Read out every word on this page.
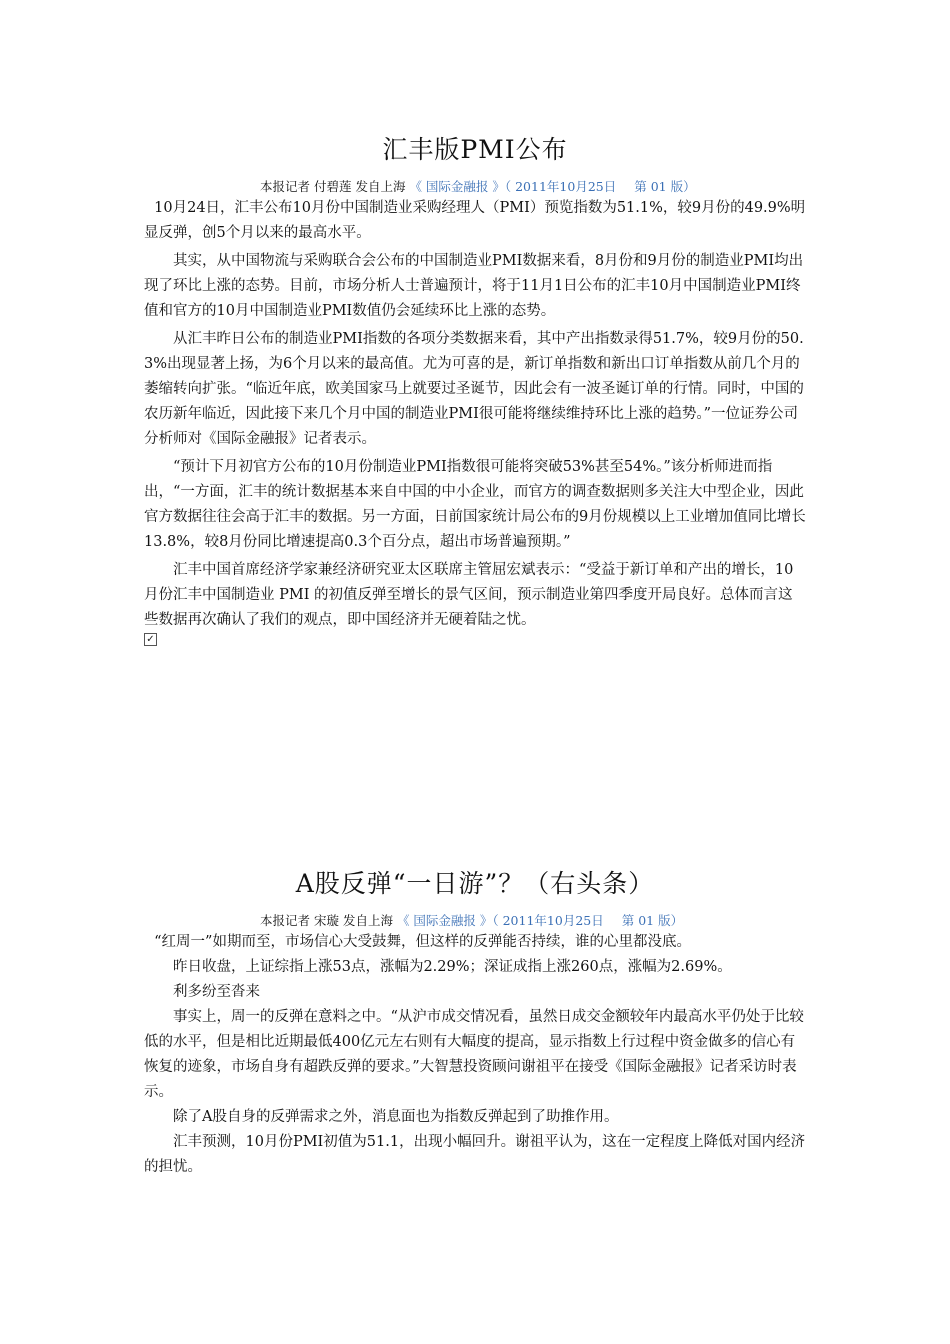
汇丰版PMI公布
本报记者 付碧莲 发自上海 《 国际金融报 》（ 2011年10月25日 第 01 版）

10月24日，汇丰公布10月份中国制造业采购经理人（PMI）预览指数为51.1%，较9月份的49.9%明显反弹，创5个月以来的最高水平。

其实，从中国物流与采购联合会公布的中国制造业PMI数据来看，8月份和9月份的制造业PMI均出现了环比上涨的态势。目前，市场分析人士普遍预计，将于11月1日公布的汇丰10月中国制造业PMI终值和官方的10月中国制造业PMI数值仍会延续环比上涨的态势。

从汇丰昨日公布的制造业PMI指数的各项分类数据来看，其中产出指数录得51.7%，较9月份的50.3%出现显著上扬，为6个月以来的最高值。尤为可喜的是，新订单指数和新出口订单指数从前几个月的萎缩转向扩张。“临近年底，欧美国家马上就要过圣诞节，因此会有一波圣诞订单的行情。同时，中国的农历新年临近，因此接下来几个月中国的制造业PMI很可能将继续维持环比上涨的趋势。”一位证券公司分析师对《国际金融报》记者表示。

“预计下月初官方公布的10月份制造业PMI指数很可能将突破53%甚至54%。”该分析师进而指出，“一方面，汇丰的统计数据基本来自中国的中小企业，而官方的调查数据则多关注大中型企业，因此官方数据往往会高于汇丰的数据。另一方面，日前国家统计局公布的9月份规模以上工业增加值同比增长13.8%，较8月份同比增速提高0.3个百分点，超出市场普遍预期。”

汇丰中国首席经济学家兼经济研究亚太区联席主管屈宏斌表示：“受益于新订单和产出的增长，10月份汇丰中国制造业 PMI 的初值反弹至增长的景气区间，预示制造业第四季度开局良好。总体而言这些数据再次确认了我们的观点，即中国经济并无硬着陆之忧。

✓
A股反弹“一日游”？（右头条）
本报记者 宋璇 发自上海 《 国际金融报 》（ 2011年10月25日 第 01 版）

“红周一”如期而至，市场信心大受鼓舞，但这样的反弹能否持续，谁的心里都没底。

昨日收盘，上证综指上涨53点，涨幅为2.29%；深证成指上涨260点，涨幅为2.69%。

利多纷至沓来

事实上，周一的反弹在意料之中。“从沪市成交情况看，虽然日成交金额较年内最高水平仍处于比较低的水平，但是相比近期最低400亿元左右则有大幅度的提高，显示指数上行过程中资金做多的信心有恢复的迹象，市场自身有超跌反弹的要求。”大智慧投资顾问谢祖平在接受《国际金融报》记者采访时表示。

除了A股自身的反弹需求之外，消息面也为指数反弹起到了助推作用。

汇丰预测，10月份PMI初值为51.1，出现小幅回升。谢祖平认为，这在一定程度上降低对国内经济的担忧。
